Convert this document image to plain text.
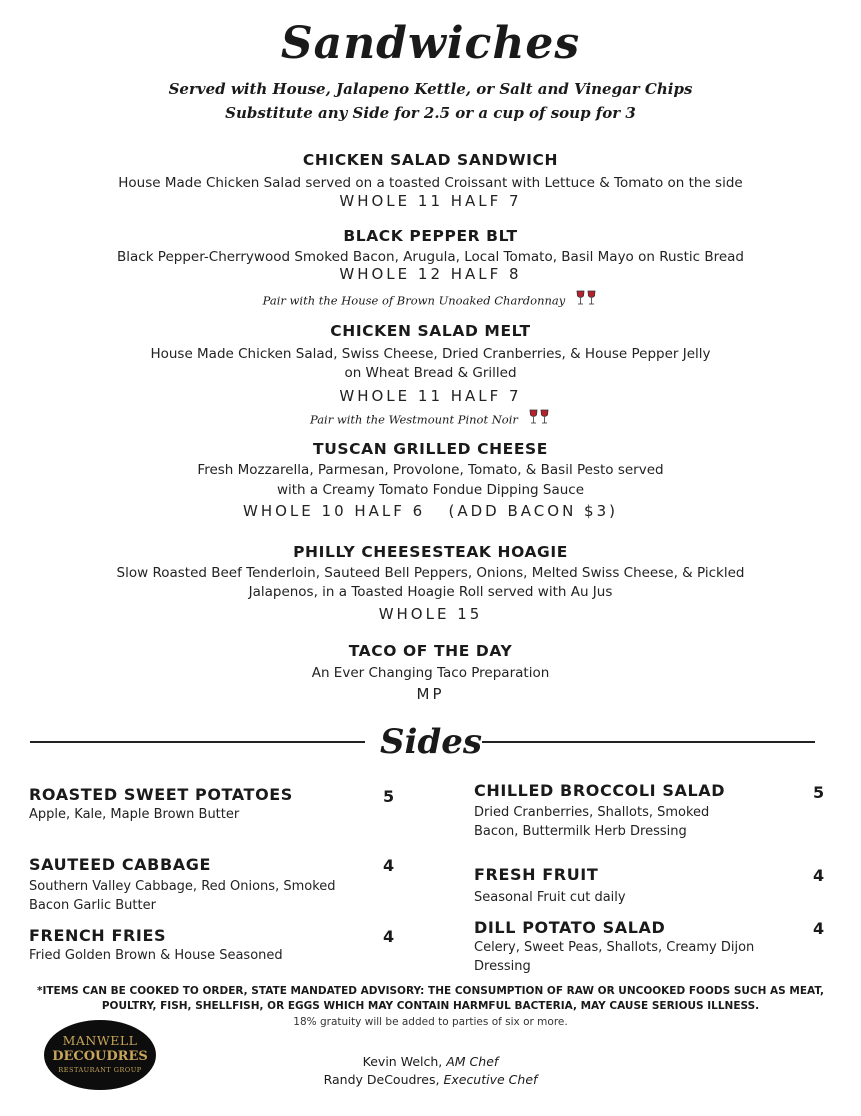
Sandwiches
Served with House, Jalapeno Kettle, or Salt and Vinegar Chips
Substitute any Side for 2.5 or a cup of soup for 3
CHICKEN SALAD SANDWICH
House Made Chicken Salad served on a toasted Croissant with Lettuce & Tomato on the side
WHOLE 11 HALF 7
BLACK PEPPER BLT
Black Pepper-Cherrywood Smoked Bacon, Arugula, Local Tomato, Basil Mayo on Rustic Bread
WHOLE 12 HALF 8
Pair with the House of Brown Unoaked Chardonnay
CHICKEN SALAD MELT
House Made Chicken Salad, Swiss Cheese, Dried Cranberries, & House Pepper Jelly
on Wheat Bread & Grilled
WHOLE 11 HALF 7
Pair with the Westmount Pinot Noir
TUSCAN GRILLED CHEESE
Fresh Mozzarella, Parmesan, Provolone, Tomato, & Basil Pesto served
with a Creamy Tomato Fondue Dipping Sauce
WHOLE 10 HALF 6   (ADD BACON $3)
PHILLY CHEESESTEAK HOAGIE
Slow Roasted Beef Tenderloin, Sauteed Bell Peppers, Onions, Melted Swiss Cheese, & Pickled
Jalapenos, in a Toasted Hoagie Roll served with Au Jus
WHOLE 15
TACO OF THE DAY
An Ever Changing Taco Preparation
MP
Sides
ROASTED SWEET POTATOES	5
Apple, Kale, Maple Brown Butter
SAUTEED CABBAGE	4
Southern Valley Cabbage, Red Onions, Smoked
Bacon Garlic Butter
FRENCH FRIES	4
Fried Golden Brown & House Seasoned
CHILLED BROCCOLI SALAD	5
Dried Cranberries, Shallots, Smoked
Bacon, Buttermilk Herb Dressing
FRESH FRUIT	4
Seasonal Fruit cut daily
DILL POTATO SALAD	4
Celery, Sweet Peas, Shallots, Creamy Dijon
Dressing
*ITEMS CAN BE COOKED TO ORDER, STATE MANDATED ADVISORY: THE CONSUMPTION OF RAW OR UNCOOKED FOODS SUCH AS MEAT,
POULTRY, FISH, SHELLFISH, OR EGGS WHICH MAY CONTAIN HARMFUL BACTERIA, MAY CAUSE SERIOUS ILLNESS.
18% gratuity will be added to parties of six or more.
MANWELL
DECOUDRES
RESTAURANT GROUP
Kevin Welch, AM Chef
Randy DeCoudres, Executive Chef
